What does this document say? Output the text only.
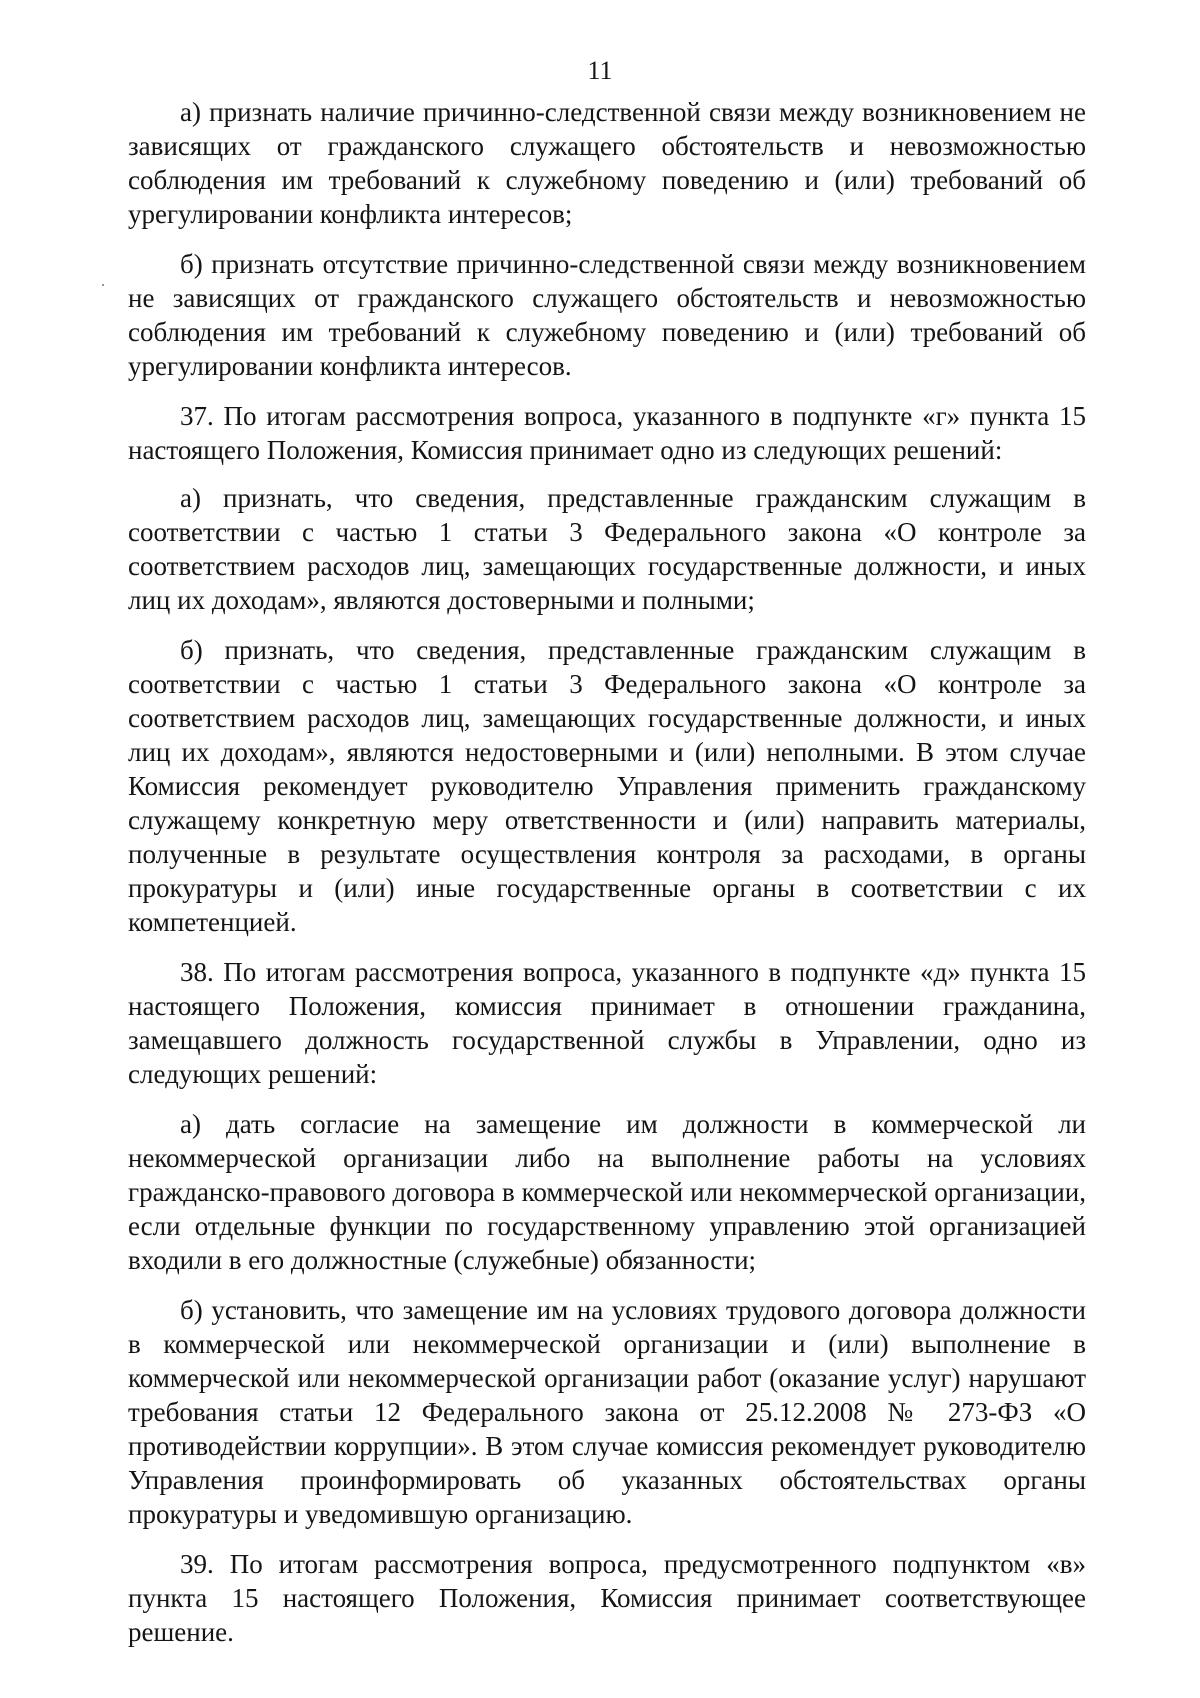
11

а) признать наличие причинно-следственной связи между возникновением не зависящих от гражданского служащего обстоятельств и невозможностью соблюдения им требований к служебному поведению и (или) требований об урегулировании конфликта интересов;

б) признать отсутствие причинно-следственной связи между возникновением не зависящих от гражданского служащего обстоятельств и невозможностью соблюдения им требований к служебному поведению и (или) требований об урегулировании конфликта интересов.

37. По итогам рассмотрения вопроса, указанного в подпункте «г» пункта 15 настоящего Положения, Комиссия принимает одно из следующих решений:

а) признать, что сведения, представленные гражданским служащим в соответствии с частью 1 статьи 3 Федерального закона «О контроле за соответствием расходов лиц, замещающих государственные должности, и иных лиц их доходам», являются достоверными и полными;

б) признать, что сведения, представленные гражданским служащим в соответствии с частью 1 статьи 3 Федерального закона «О контроле за соответствием расходов лиц, замещающих государственные должности, и иных лиц их доходам», являются недостоверными и (или) неполными. В этом случае Комиссия рекомендует руководителю Управления применить гражданскому служащему конкретную меру ответственности и (или) направить материалы, полученные в результате осуществления контроля за расходами, в органы прокуратуры и (или) иные государственные органы в соответствии с их компетенцией.

38. По итогам рассмотрения вопроса, указанного в подпункте «д» пункта 15 настоящего Положения, комиссия принимает в отношении гражданина, замещавшего должность государственной службы в Управлении, одно из следующих решений:

а) дать согласие на замещение им должности в коммерческой ли некоммерческой организации либо на выполнение работы на условиях гражданско-правового договора в коммерческой или некоммерческой организации, если отдельные функции по государственному управлению этой организацией входили в его должностные (служебные) обязанности;

б) установить, что замещение им на условиях трудового договора должности в коммерческой или некоммерческой организации и (или) выполнение в коммерческой или некоммерческой организации работ (оказание услуг) нарушают требования статьи 12 Федерального закона от 25.12.2008 № 273-ФЗ «О противодействии коррупции». В этом случае комиссия рекомендует руководителю Управления проинформировать об указанных обстоятельствах органы прокуратуры и уведомившую организацию.

39. По итогам рассмотрения вопроса, предусмотренного подпунктом «в» пункта 15 настоящего Положения, Комиссия принимает соответствующее решение.
